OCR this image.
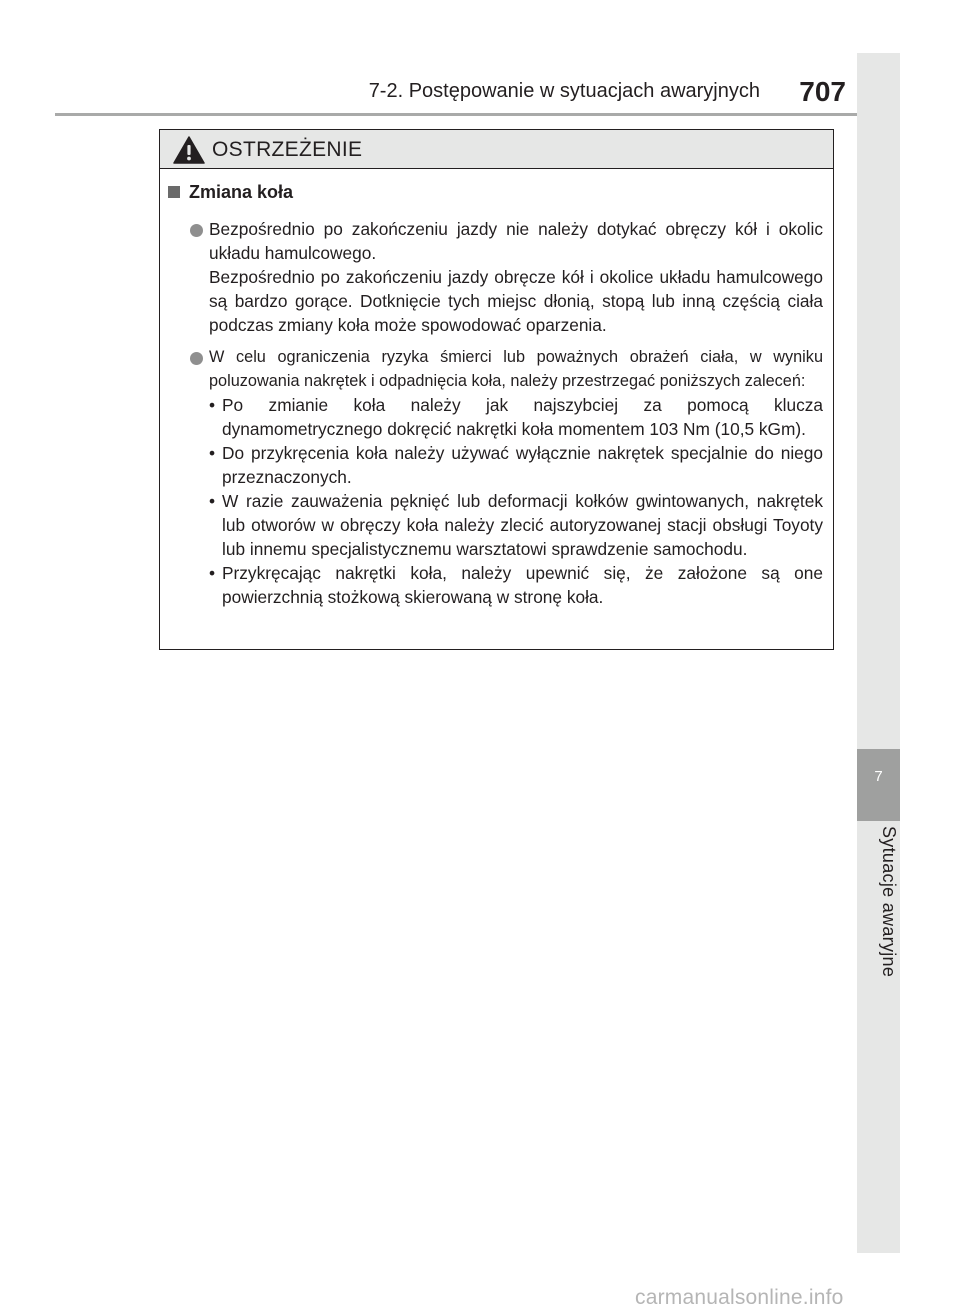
7-2. Postępowanie w sytuacjach awaryjnych	707
7
Sytuacje awaryjne
OSTRZEŻENIE
Zmiana koła

Bezpośrednio po zakończeniu jazdy nie należy dotykać obręczy kół i okolic układu hamulcowego.

Bezpośrednio po zakończeniu jazdy obręcze kół i okolice układu hamulcowego są bardzo gorące. Dotknięcie tych miejsc dłonią, stopą lub inną częścią ciała podczas zmiany koła może spowodować oparzenia.

W celu ograniczenia ryzyka śmierci lub poważnych obrażeń ciała, w wyniku poluzowania nakrętek i odpadnięcia koła, należy przestrzegać poniższych zaleceń:

• Po zmianie koła należy jak najszybciej za pomocą klucza dynamometrycznego dokręcić nakrętki koła momentem 103 Nm (10,5 kGm).
• Do przykręcenia koła należy używać wyłącznie nakrętek specjalnie do niego przeznaczonych.
• W razie zauważenia pęknięć lub deformacji kołków gwintowanych, nakrętek lub otworów w obręczy koła należy zlecić autoryzowanej stacji obsługi Toyoty lub innemu specjalistycznemu warsztatowi sprawdzenie samochodu.
• Przykręcając nakrętki koła, należy upewnić się, że założone są one powierzchnią stożkową skierowaną w stronę koła.
carmanualsonline.info
